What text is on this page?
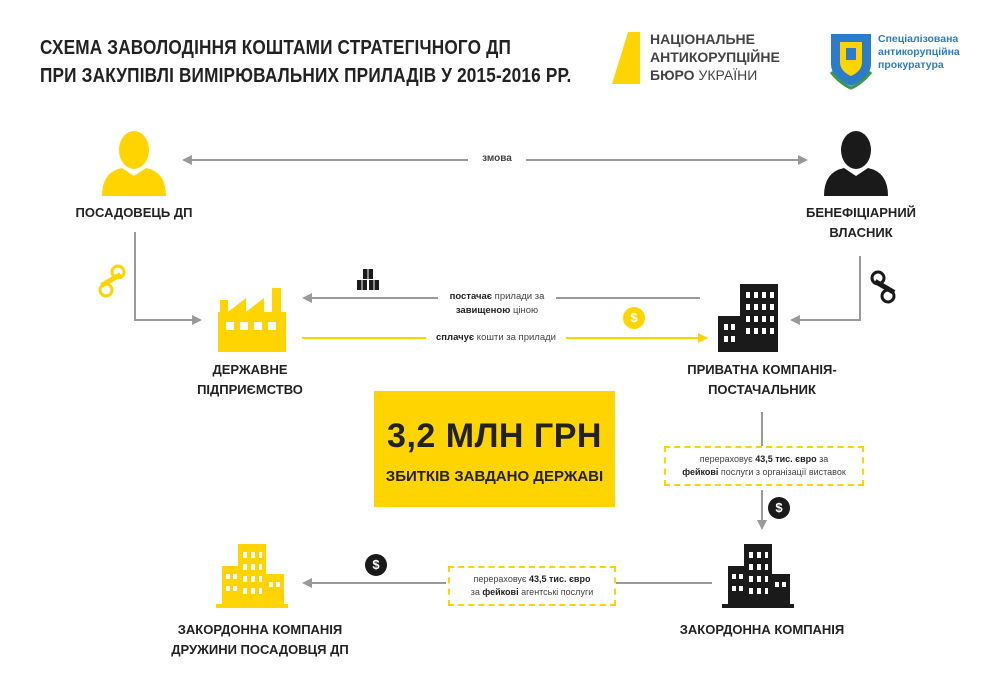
СХЕМА ЗАВОЛОДІННЯ КОШТАМИ СТРАТЕГІЧНОГО ДП
ПРИ ЗАКУПІВЛІ ВИМІРЮВАЛЬНИХ ПРИЛАДІВ У 2015-2016 РР.
НАЦІОНАЛЬНЕ
АНТИКОРУПЦІЙНЕ
БЮРО УКРАЇНИ
Спеціалізована
антикорупційна
прокуратура
змова
ПОСАДОВЕЦЬ ДП	БЕНЕФІЦІАРНИЙ
ВЛАСНИК
ДЕРЖАВНЕ
ПІДПРИЄМСТВО
ПРИВАТНА КОМПАНІЯ-
ПОСТАЧАЛЬНИК
ЗАКОРДОННА КОМПАНІЯ
ЗАКОРДОННА КОМПАНІЯ
ДРУЖИНИ ПОСАДОВЦЯ ДП
постачає прилади за
завищеною ціною
сплачує кошти за прилади
$
$
$
перераховує 43,5 тис. євро за
фейкові послуги з організації виставок
перераховує 43,5 тис. євро
за фейкові агентські послуги
3,2 МЛН ГРН
ЗБИТКІВ ЗАВДАНО ДЕРЖАВІ
